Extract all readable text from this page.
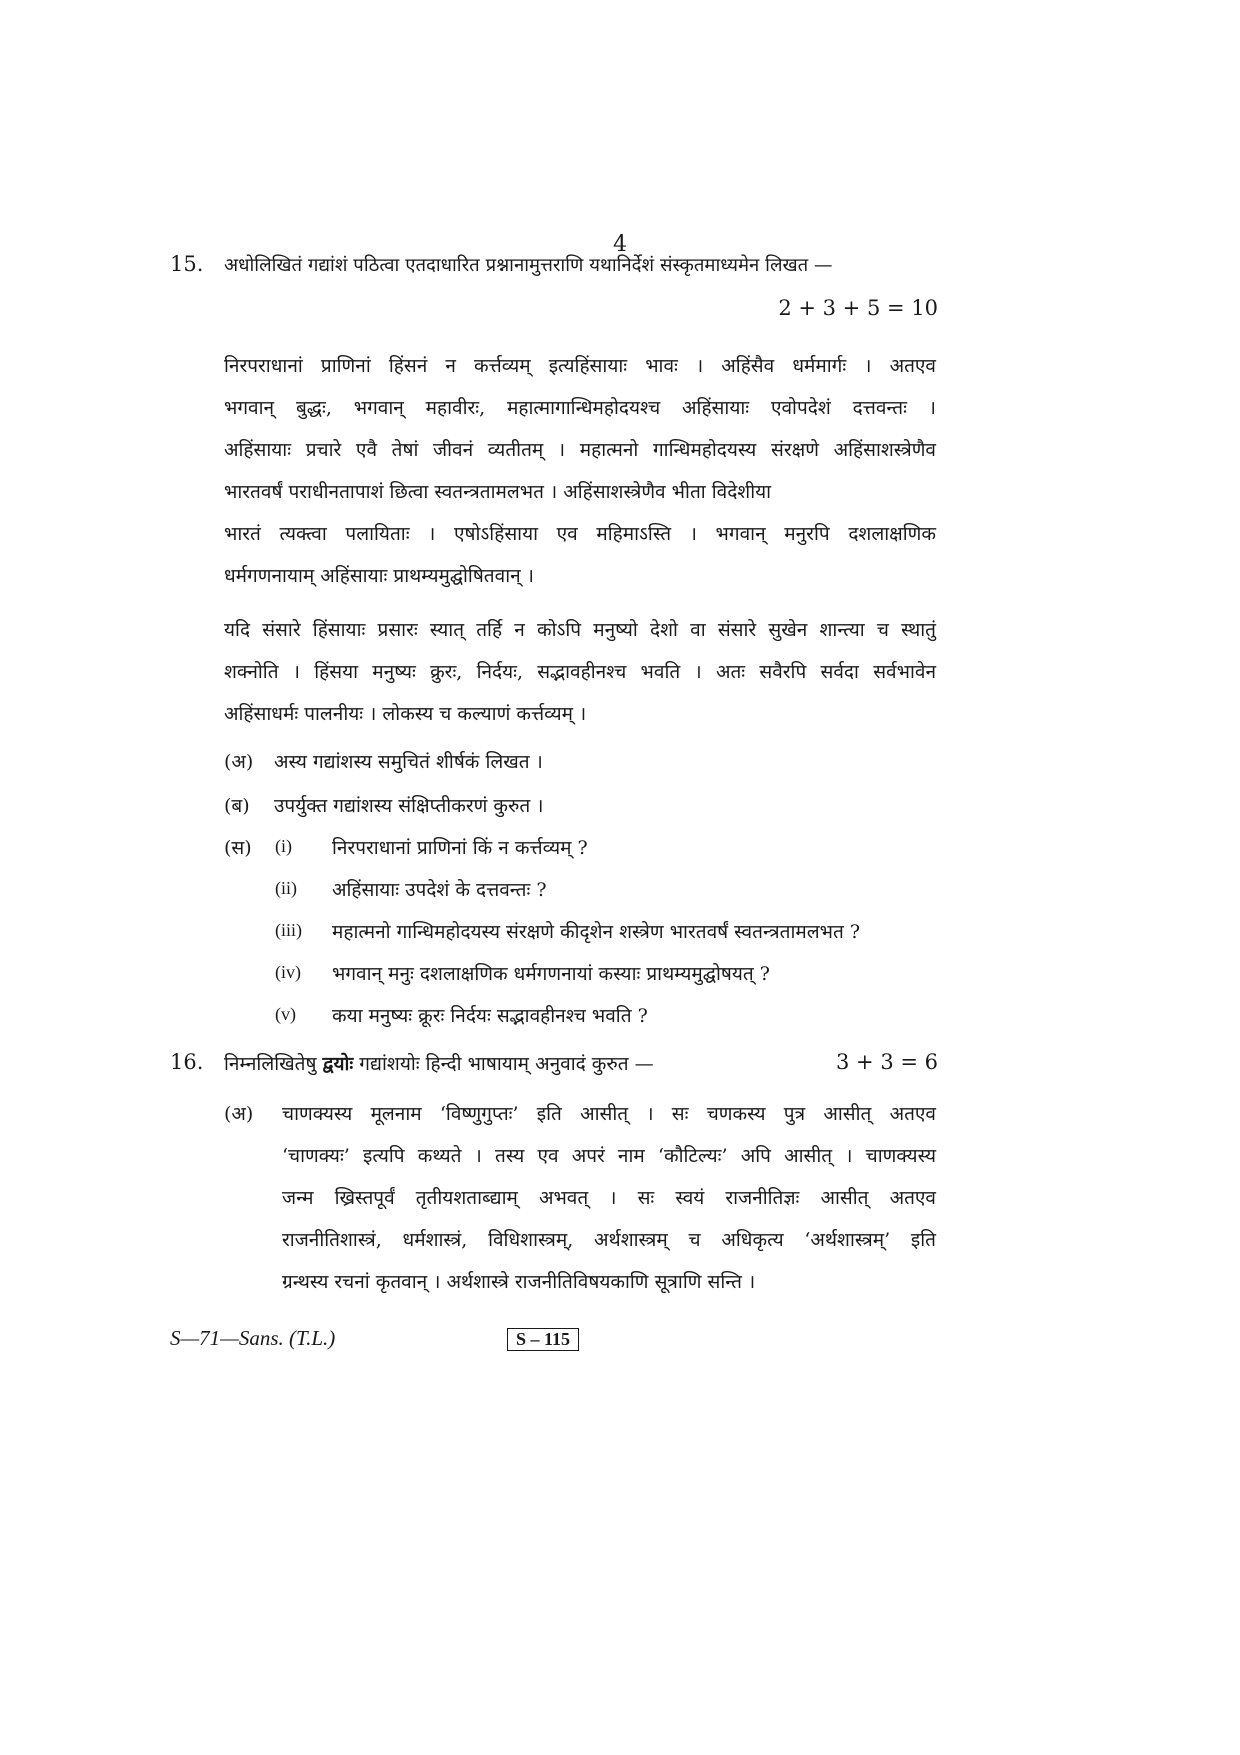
4
15. अधोलिखितं गद्यांशं पठित्वा एतदाधारित प्रश्नानामुत्तराणि यथानिर्देशं संस्कृतमाध्यमेन लिखत —
2 + 3 + 5 = 10
निरपराधानां प्राणिनां हिंसनं न कर्त्तव्यम् इत्यहिंसायाः भावः । अहिंसैव धर्ममार्गः । अतएव
भगवान् बुद्धः, भगवान् महावीरः, महात्मागान्धिमहोदयश्च अहिंसायाः एवोपदेशं दत्तवन्तः ।
अहिंसायाः प्रचारे एवै तेषां जीवनं व्यतीतम् । महात्मनो गान्धिमहोदयस्य संरक्षणे अहिंसाशस्त्रेणैव
भारतवर्षं पराधीनतापाशं छित्वा स्वतन्त्रतामलभत । अहिंसाशस्त्रेणैव भीता विदेशीया
भारतं त्यक्त्वा पलायिताः । एषोऽहिंसाया एव महिमाऽस्ति । भगवान् मनुरपि दशलाक्षणिक
धर्मगणनायाम् अहिंसायाः प्राथम्यमुद्घोषितवान् ।
यदि संसारे हिंसायाः प्रसारः स्यात् तर्हि न कोऽपि मनुष्यो देशो वा संसारे सुखेन शान्त्या च स्थातुं
शक्नोति । हिंसया मनुष्यः क्रुरः, निर्दयः, सद्भावहीनश्च भवति । अतः सवैरपि सर्वदा सर्वभावेन
अहिंसाधर्मः पालनीयः । लोकस्य च कल्याणं कर्त्तव्यम् ।
(अ) अस्य गद्यांशस्य समुचितं शीर्षकं लिखत ।
(ब) उपर्युक्त गद्यांशस्य संक्षिप्तीकरणं कुरुत ।
(स) (i) निरपराधानां प्राणिनां किं न कर्त्तव्यम् ?
(ii) अहिंसायाः उपदेशं के दत्तवन्तः ?
(iii) महात्मनो गान्धिमहोदयस्य संरक्षणे कीदृशेन शस्त्रेण भारतवर्षं स्वतन्त्रतामलभत ?
(iv) भगवान् मनुः दशलाक्षणिक धर्मगणनायां कस्याः प्राथम्यमुद्घोषयत् ?
(v) कया मनुष्यः क्रूरः निर्दयः सद्भावहीनश्च भवति ?
16. निम्नलिखितेषु द्वयोः गद्यांशयोः हिन्दी भाषायाम् अनुवादं कुरुत —	3 + 3 = 6
(अ) चाणक्यस्य मूलनाम ‘विष्णुगुप्तः’ इति आसीत् । सः चणकस्य पुत्र आसीत् अतएव
‘चाणक्यः’ इत्यपि कथ्यते । तस्य एव अपरं नाम ‘कौटिल्यः’ अपि आसीत् । चाणक्यस्य
जन्म ख्रिस्तपूर्वं तृतीयशताब्द्याम् अभवत् । सः स्वयं राजनीतिज्ञः आसीत् अतएव
राजनीतिशास्त्रं, धर्मशास्त्रं, विधिशास्त्रम्, अर्थशास्त्रम् च अधिकृत्य ‘अर्थशास्त्रम्’ इति
ग्रन्थस्य रचनां कृतवान् । अर्थशास्त्रे राजनीतिविषयकाणि सूत्राणि सन्ति ।
S—71—Sans. (T.L.)	S – 115
